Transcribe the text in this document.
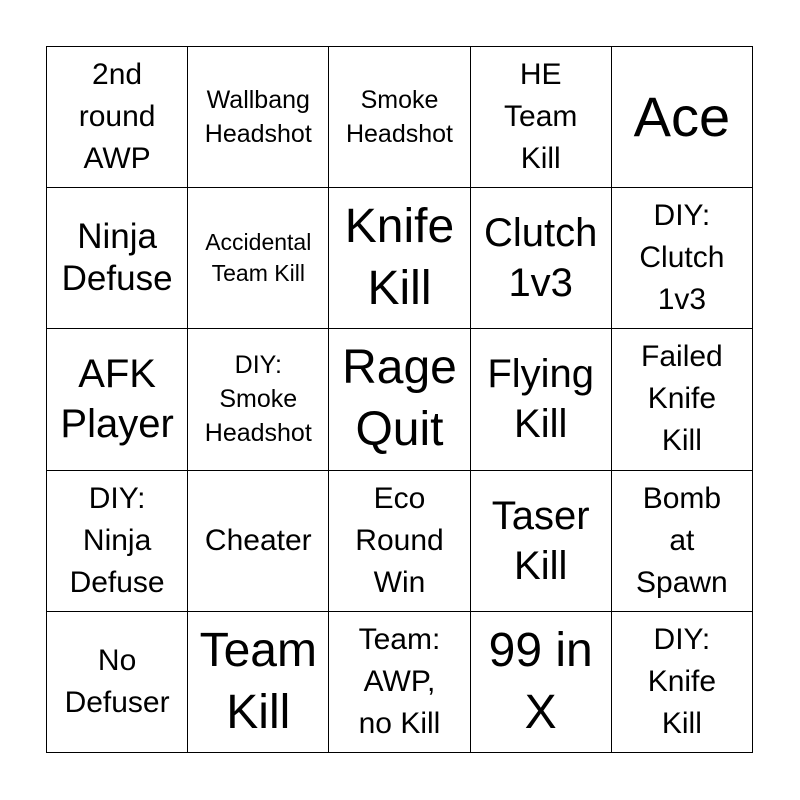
2nd
round
AWP
Wallbang
Headshot
Smoke
Headshot
HE
Team
Kill
Ace
Ninja
Defuse
Accidental
Team Kill
Knife
Kill
Clutch
1v3
DIY:
Clutch
1v3
AFK
Player
DIY:
Smoke
Headshot
Rage
Quit
Flying
Kill
Failed
Knife
Kill
DIY:
Ninja
Defuse
Cheater
Eco
Round
Win
Taser
Kill
Bomb
at
Spawn
No
Defuser
Team
Kill
Team:
AWP,
no Kill
99 in
X
DIY:
Knife
Kill
